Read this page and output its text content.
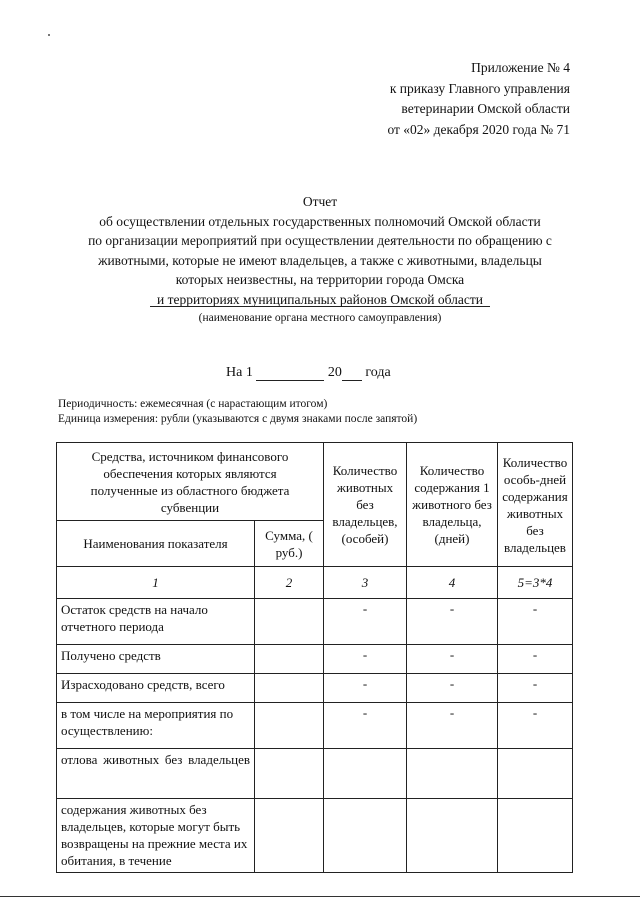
Приложение № 4
к приказу Главного управления
ветеринарии Омской области
от «02» декабря 2020 года № 71
Отчет
об осуществлении отдельных государственных полномочий Омской области
по организации мероприятий при осуществлении деятельности по обращению с
животными, которые не имеют владельцев, а также с животными, владельцы
которых неизвестны, на территории города Омска
и территориях муниципальных районов Омской области
(наименование органа местного самоуправления)
На 1	20 года
Периодичность: ежемесячная (с нарастающим итогом)
Единица измерения: рубли (указываются с двумя знаками после запятой)
Средства, источником финансового обеспечения которых являются полученные из областного бюджета субвенции		Количество животных без владельцев, (особей)	Количество содержания 1 животного без владельца, (дней)	Количество особь-дней содержания животных без владельцев
Наименования показателя	Сумма, ( руб.)			
1	2	3	4	5=3*4
Остаток средств на начало отчетного периода		-	-	-
Получено средств		-	-	-
Израсходовано средств, всего		-	-	-
в том числе на мероприятия по осуществлению:		-	-	-
отлова животных без владельцев				
содержания животных без владельцев, которые могут быть возвращены на прежние места их обитания, в течение				
